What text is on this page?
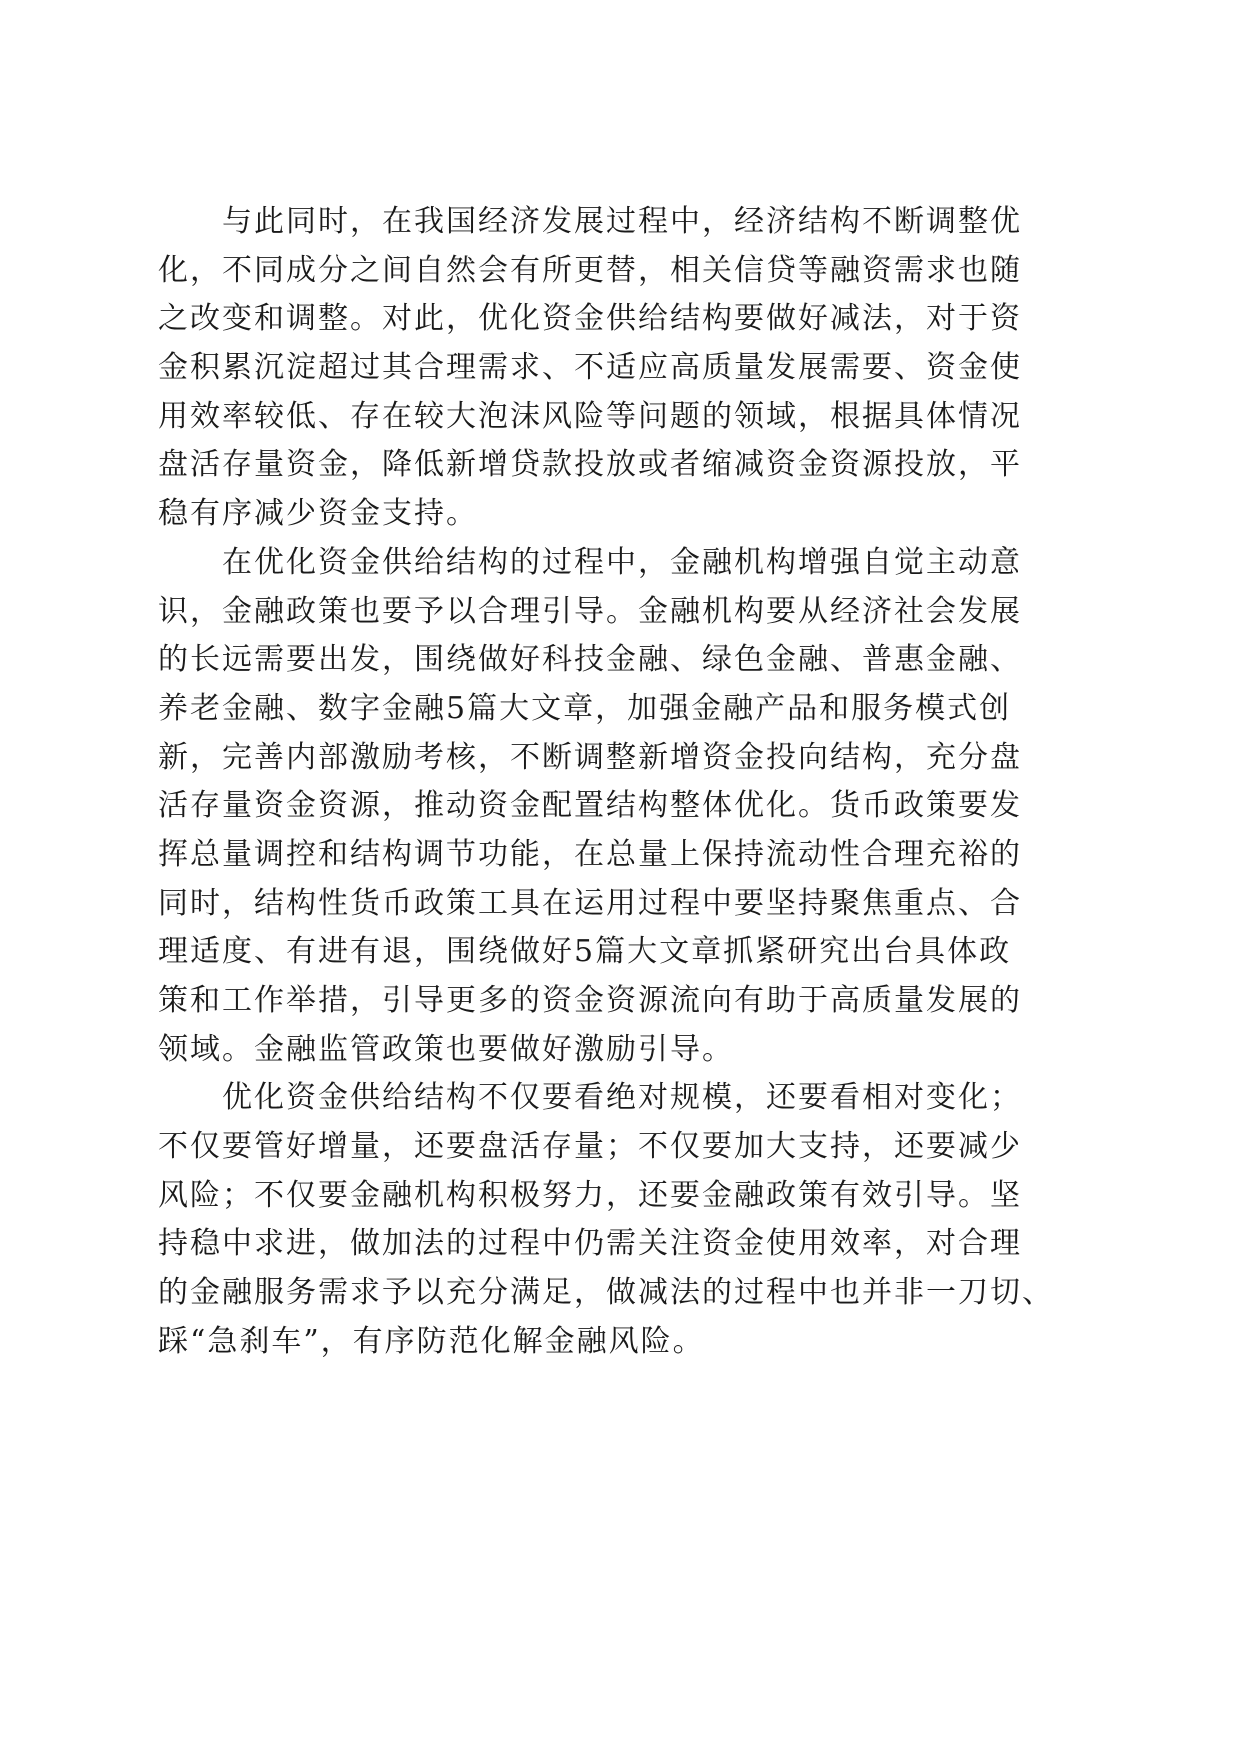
　　与此同时，在我国经济发展过程中，经济结构不断调整优
化，不同成分之间自然会有所更替，相关信贷等融资需求也随
之改变和调整。对此，优化资金供给结构要做好减法，对于资
金积累沉淀超过其合理需求、不适应高质量发展需要、资金使
用效率较低、存在较大泡沫风险等问题的领域，根据具体情况
盘活存量资金，降低新增贷款投放或者缩减资金资源投放，平
稳有序减少资金支持。
　　在优化资金供给结构的过程中，金融机构增强自觉主动意
识，金融政策也要予以合理引导。金融机构要从经济社会发展
的长远需要出发，围绕做好科技金融、绿色金融、普惠金融、
养老金融、数字金融5篇大文章，加强金融产品和服务模式创
新，完善内部激励考核，不断调整新增资金投向结构，充分盘
活存量资金资源，推动资金配置结构整体优化。货币政策要发
挥总量调控和结构调节功能，在总量上保持流动性合理充裕的
同时，结构性货币政策工具在运用过程中要坚持聚焦重点、合
理适度、有进有退，围绕做好5篇大文章抓紧研究出台具体政
策和工作举措，引导更多的资金资源流向有助于高质量发展的
领域。金融监管政策也要做好激励引导。
　　优化资金供给结构不仅要看绝对规模，还要看相对变化；
不仅要管好增量，还要盘活存量；不仅要加大支持，还要减少
风险；不仅要金融机构积极努力，还要金融政策有效引导。坚
持稳中求进，做加法的过程中仍需关注资金使用效率，对合理
的金融服务需求予以充分满足，做减法的过程中也并非一刀切、
踩“急刹车”，有序防范化解金融风险。
